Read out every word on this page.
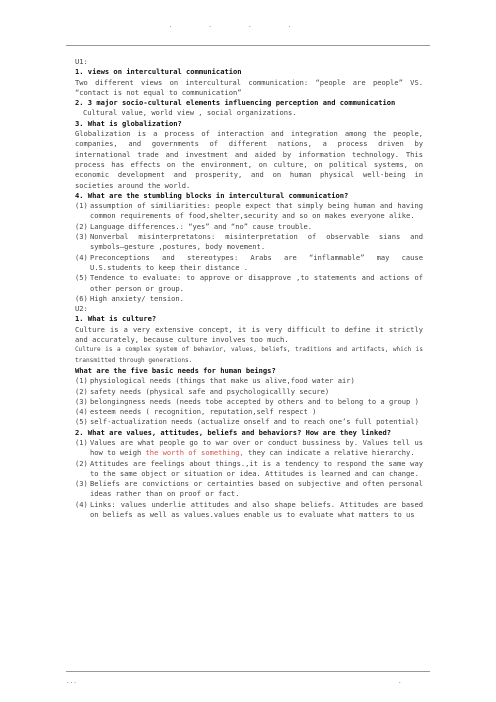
....

U1:

1. views on intercultural communication

Two different views on intercultural communication: “people are people” VS. “contact is not equal to communication”

2. 3 major socio-cultural elements influencing perception and communication

Cultural value, world view , social organizations.

3. What is globalization?

Globalization is a process of interaction and integration among the people, companies, and governments of different nations, a process driven by international trade and investment and aided by information technology. This process has effects on the environment, on culture, on political systems, on economic development and prosperity, and on human physical well-being in societies around the world.

4. What are the stumbling blocks in intercultural communication?

(1) assumption of similiarities: people expect that simply being human and having common requirements of food,shelter,security and so on makes everyone alike.
(2) Language differences.: “yes” and “no” cause trouble.
(3) Nonverbal misinterpretatons: misinterpretation of observable sians and symbols—gesture ,postures, body movement.
(4) Preconceptions and stereotypes: Arabs are “inflammable” may cause U.S.students to keep their distance .
(5) Tendence to evaluate: to approve or disapprove ,to statements and actions of other person or group.
(6) High anxiety/ tension.

U2:

1. What is culture?

Culture is a very extensive concept, it is very difficult to define it strictly and accurately, because culture involves too much.

Culture is a complex system of behavior, values, beliefs, traditions and artifacts, which is transmitted through generations.

What are the five basic needs for human beings?

(1) physiological needs (things that make us alive,food water air)
(2) safety needs (physical safe and psychologicallly secure)
(3) belongingness needs (needs tobe accepted by others and to belong to a group )
(4) esteem needs ( recognition, reputation,self respect )
(5) self-actualization needs (actualize onself and to reach one’s full potential)

2. What are values, attitudes, beliefs and behaviors? How are they linked?

(1) Values are what people go to war over or conduct bussiness by. Values tell us how to weigh the worth of something, they can indicate a relative hierarchy.
(2) Attitudes are feelings about things.,it is a tendency to respond the same way to the same object or situation or idea. Attitudes is learned and can change.
(3) Beliefs are convictions or certainties based on subjective and often personal ideas rather than on proof or fact.
(4) Links: values underlie attitudes and also shape beliefs. Attitudes are based on beliefs as well as values.values enable us to evaluate what matters to us
...	.
